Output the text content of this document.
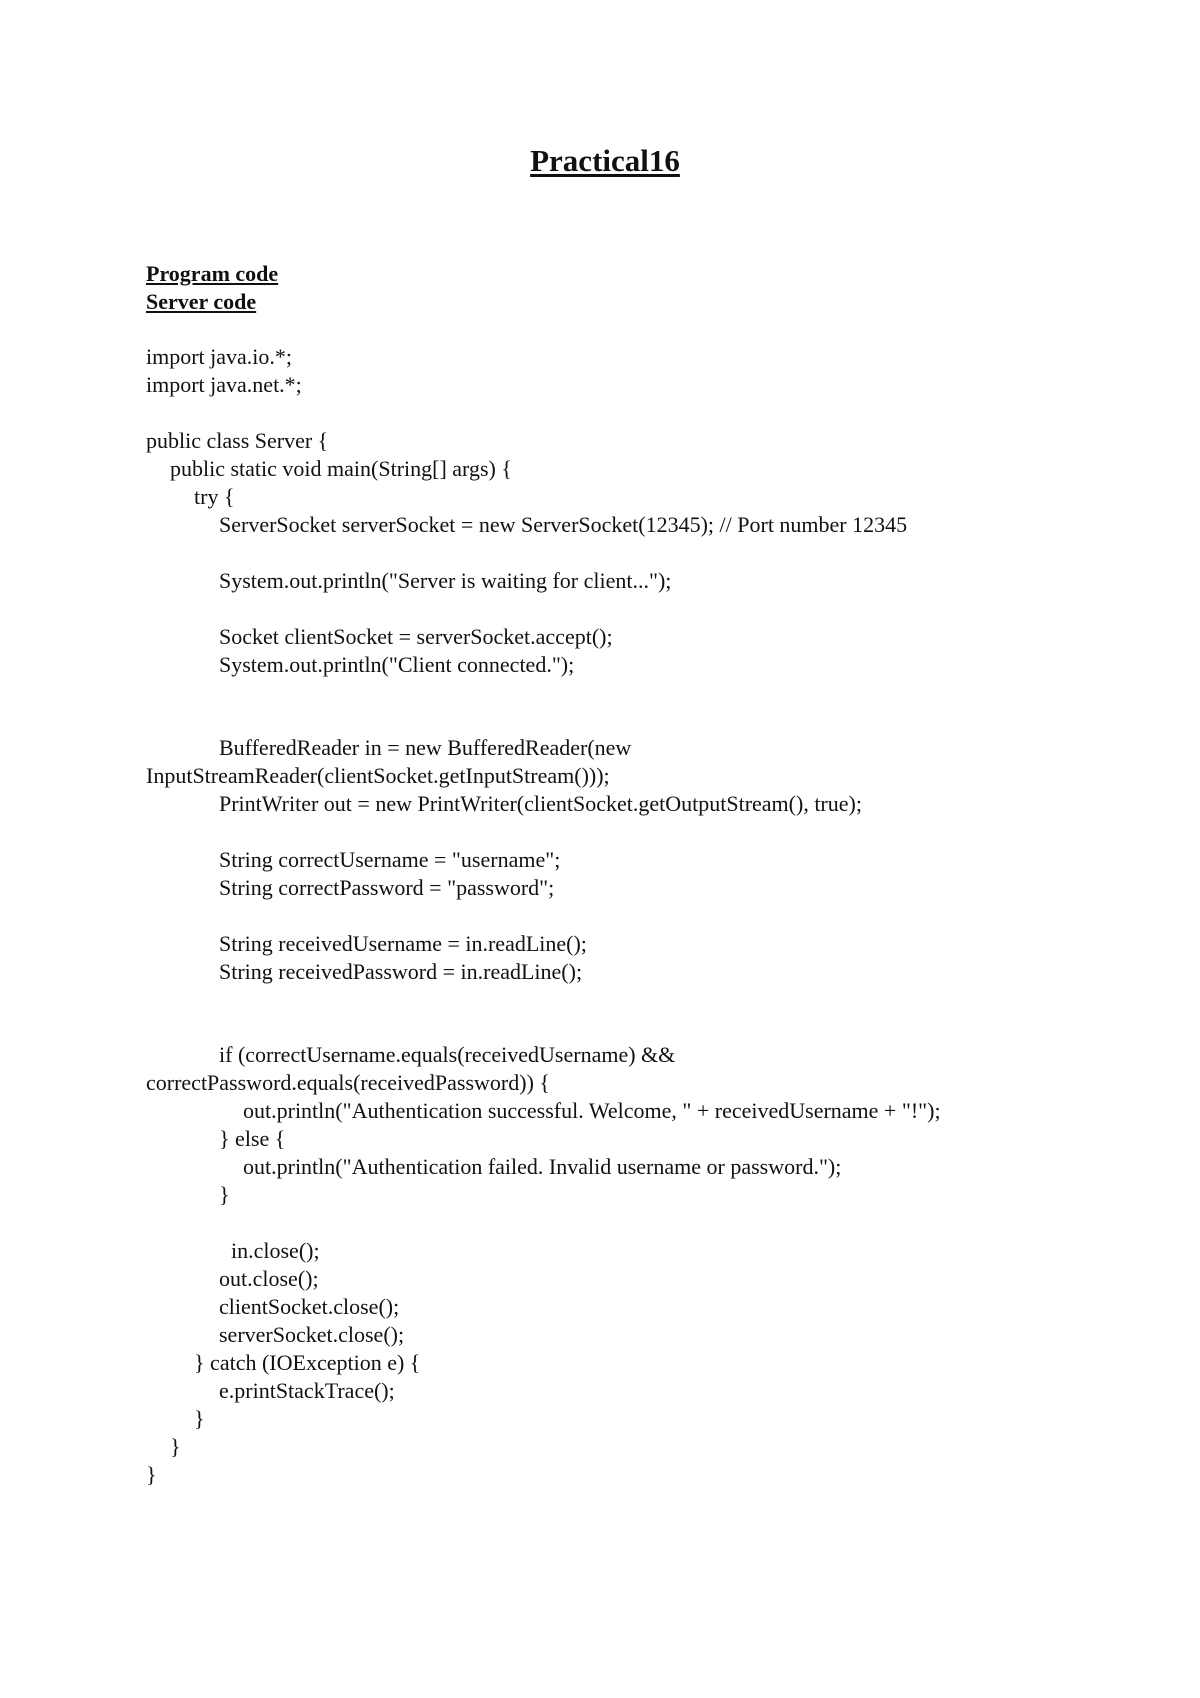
Practical16
Program code
Server code
import java.io.*;
import java.net.*;
public class Server {
public static void main(String[] args) {
try {
ServerSocket serverSocket = new ServerSocket(12345); // Port number 12345
System.out.println("Server is waiting for client...");
Socket clientSocket = serverSocket.accept();
System.out.println("Client connected.");
BufferedReader in = new BufferedReader(new
InputStreamReader(clientSocket.getInputStream()));
PrintWriter out = new PrintWriter(clientSocket.getOutputStream(), true);
String correctUsername = "username";
String correctPassword = "password";
String receivedUsername = in.readLine();
String receivedPassword = in.readLine();
if (correctUsername.equals(receivedUsername) &&
correctPassword.equals(receivedPassword)) {
out.println("Authentication successful. Welcome, " + receivedUsername + "!");
} else {
out.println("Authentication failed. Invalid username or password.");
}
in.close();
out.close();
clientSocket.close();
serverSocket.close();
} catch (IOException e) {
e.printStackTrace();
}
}
}
